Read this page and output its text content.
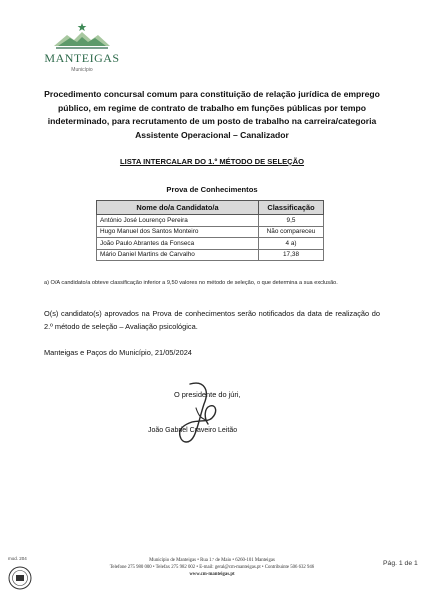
MANTEIGAS
Município
Procedimento concursal comum para constituição de relação jurídica de emprego público, em regime de contrato de trabalho em funções públicas por tempo indeterminado, para recrutamento de um posto de trabalho na carreira/categoria Assistente Operacional – Canalizador
LISTA INTERCALAR DO 1.º MÉTODO DE SELEÇÃO
Prova de Conhecimentos
Nome do/a Candidato/a	Classificação
António José Lourenço Pereira	9,5
Hugo Manuel dos Santos Monteiro	Não compareceu
João Paulo Abrantes da Fonseca	4 a)
Mário Daniel Martins de Carvalho	17,38
a) O/A candidato/a obteve classificação inferior a 9,50 valores no método de seleção, o que determina a sua exclusão.
O(s) candidato(s) aprovados na Prova de conhecimentos serão notificados da data de realização do 2.º método de seleção – Avaliação psicológica.
Manteigas e Paços do Município, 21/05/2024
O presidente do júri,
João Gabriel Craveiro Leitão
mod. 204	Município de Manteigas • Rua 1.º de Maio • 6260-101 Manteigas
Telefone 275 980 000 • Telefax 275 982 002 • E-mail: geral@cm-manteigas.pt • Contribuinte 506 632 946
www.cm-manteigas.pt
Pág. 1 de 1
